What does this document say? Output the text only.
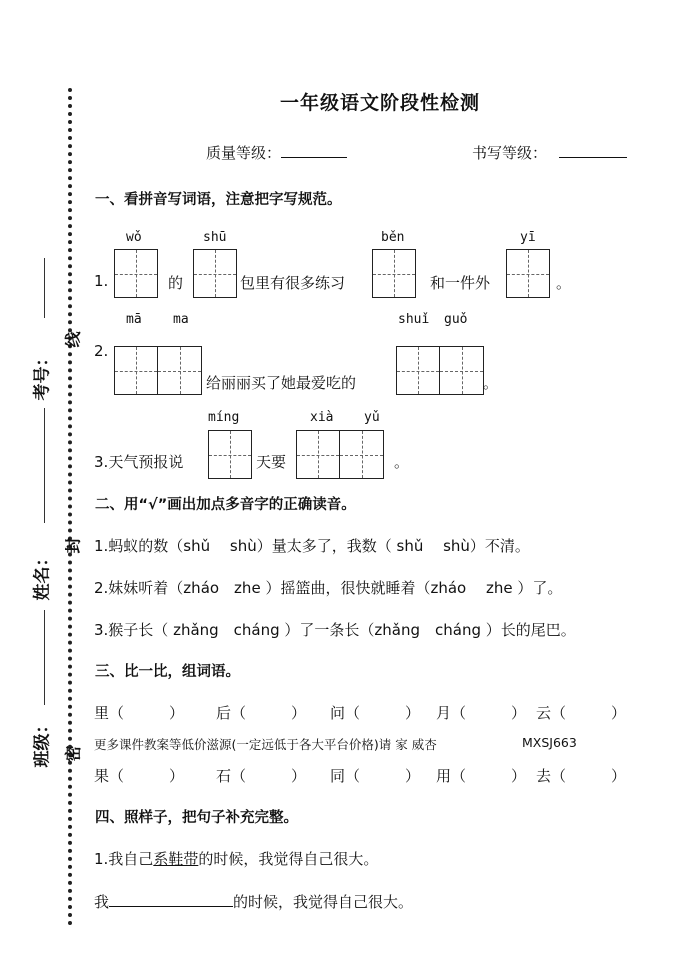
考号：
姓名：
班级：
线
封
密
一年级语文阶段性检测
质量等级：	书写等级：
一、看拼音写词语，注意把字写规范。
wǒ	shū	běn	yī
1.	的	包里有很多练习	和一件外	。
mā ma	shuǐ guǒ
2.
给丽丽买了她最爱吃的	。
míng	xià yǔ
3.天气预报说	天要	。
二、用“√”画出加点多音字的正确读音。
1.蚂蚁的数（shǔ　 shù）量太多了，我数（ shǔ　 shù）不清。
2.妹妹听着（zháo　zhe ）摇篮曲，很快就睡着（zháo　 zhe ）了。
3.猴子长（ zhǎng　cháng ）了一条长（zhǎng　cháng ）长的尾巴。
三、比一比，组词语。
里（　　　） 后（　　　） 问（　　　） 月（　　　） 云（　　　）
更多课件教案等低价滋源(一定远低于各大平台价格)请 家 威杏	MXSJ663
果（　　　） 石（　　　） 同（　　　） 用（　　　） 去（　　　）
四、照样子，把句子补充完整。
1.我自己系鞋带的时候，我觉得自己很大。
我	的时候，我觉得自己很大。
